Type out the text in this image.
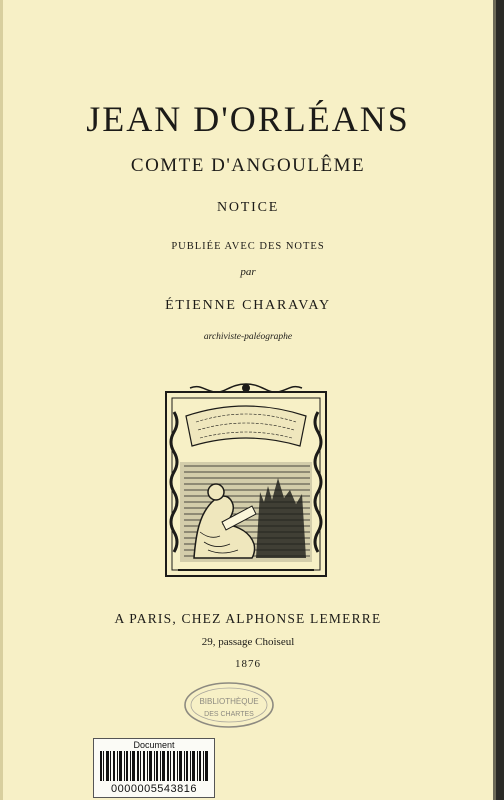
JEAN D'ORLÉANS
COMTE D'ANGOULÊME
NOTICE
PUBLIÉE AVEC DES NOTES
par
ÉTIENNE CHARAVAY
archiviste-paléographe
A PARIS, CHEZ ALPHONSE LEMERRE
29, passage Choiseul
1876
BIBLIOTHÈQUE
DES CHARTES
Document
0000005543816
